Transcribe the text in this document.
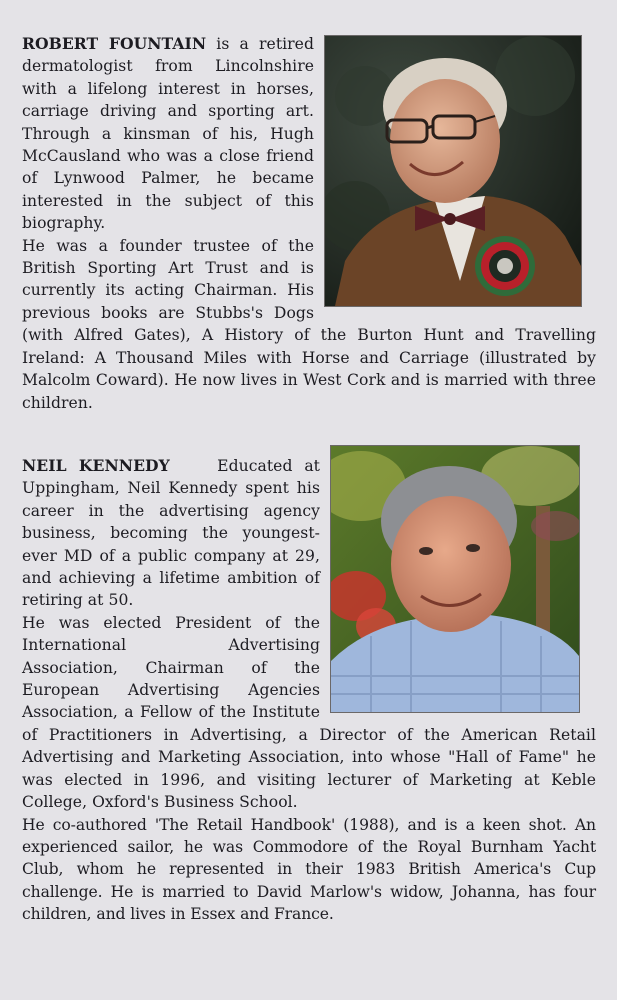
ROBERT FOUNTAIN is a retired dermatologist from Lincolnshire with a lifelong interest in horses, carriage driving and sporting art. Through a kinsman of his, Hugh McCausland who was a close friend of Lynwood Palmer, he became interested in the subject of this biography.

He was a founder trustee of the British Sporting Art Trust and is currently its acting Chairman. His previous books are Stubbs's Dogs (with Alfred Gates), A History of the Burton Hunt and Travelling Ireland: A Thousand Miles with Horse and Carriage (illustrated by Malcolm Coward). He now lives in West Cork and is married with three children.

NEIL KENNEDY	Educated at Uppingham, Neil Kennedy spent his career in the advertising agency business, becoming the youngest-ever MD of a public company at 29, and achieving a lifetime ambition of retiring at 50.

He was elected President of the International Advertising Association, Chairman of the European Advertising Agencies Association, a Fellow of the Institute of Practitioners in Advertising, a Director of the American Retail Advertising and Marketing Association, into whose "Hall of Fame" he was elected in 1996, and visiting lecturer of Marketing at Keble College, Oxford's Business School.

He co-authored 'The Retail Handbook' (1988), and is a keen shot. An experienced sailor, he was Commodore of the Royal Burnham Yacht Club, whom he represented in their 1983 British America's Cup challenge. He is married to David Marlow's widow, Johanna, has four children, and lives in Essex and France.
